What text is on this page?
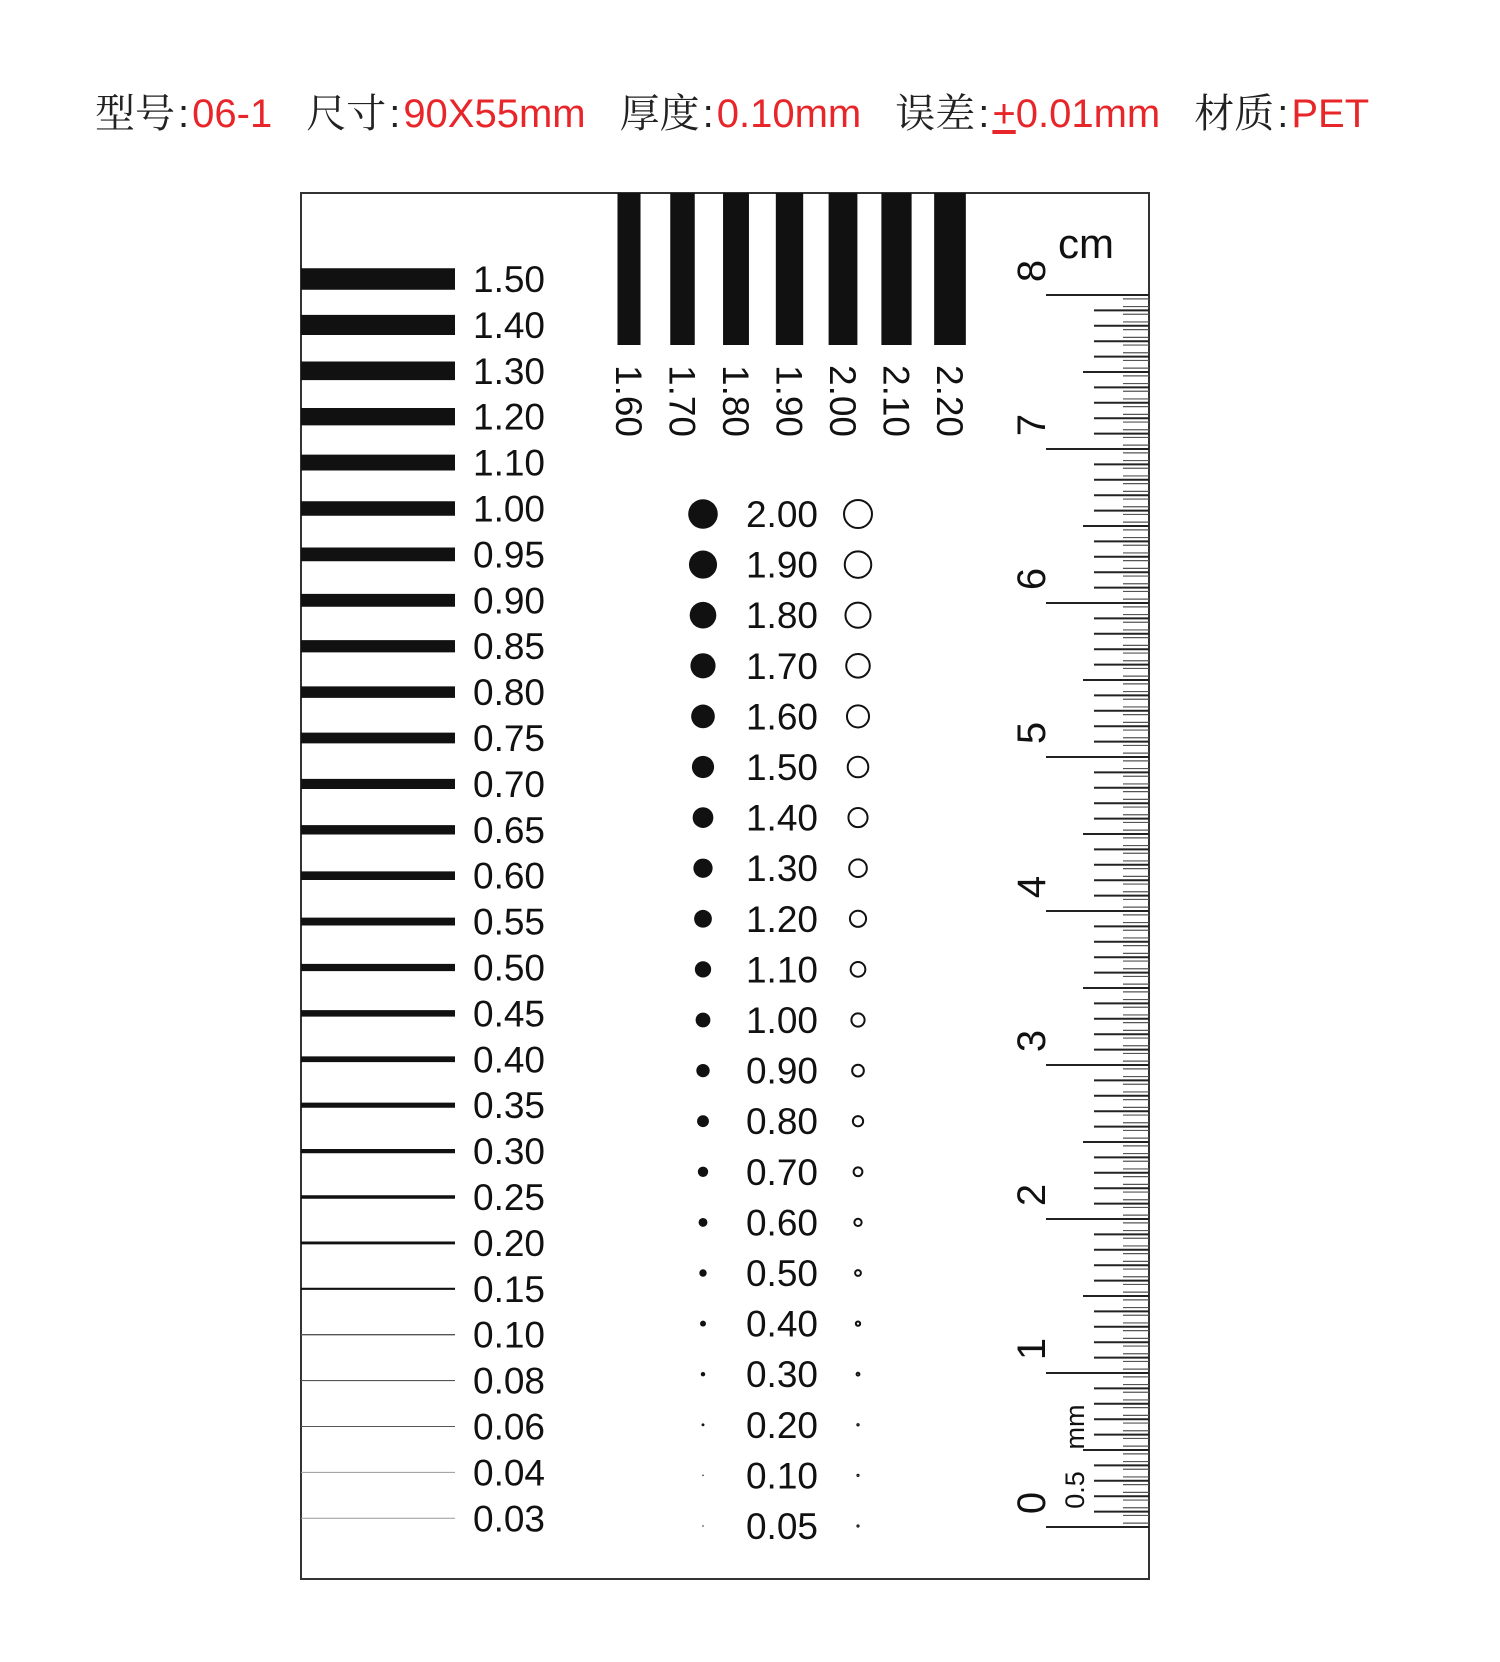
型号 : 06-1 尺寸 : 90X55mm 厚度 : 0.10mm 误差 : +0.01mm 材质 : PET
1.50
1.40
1.30
1.20
1.10
1.00
0.95
0.90
0.85
0.80
0.75
0.70
0.65
0.60
0.55
0.50
0.45
0.40
0.35
0.30
0.25
0.20
0.15
0.10
0.08
0.06
0.04
0.03
1.60 1.70 1.80 1.90 2.00 2.10 2.20
2.00
1.90
1.80
1.70
1.60
1.50
1.40
1.30
1.20
1.10
1.00
0.90
0.80
0.70
0.60
0.50
0.40
0.30
0.20
0.10
0.05
0
1
2
3
4
5
6
7
8
cm
mm
0.5
